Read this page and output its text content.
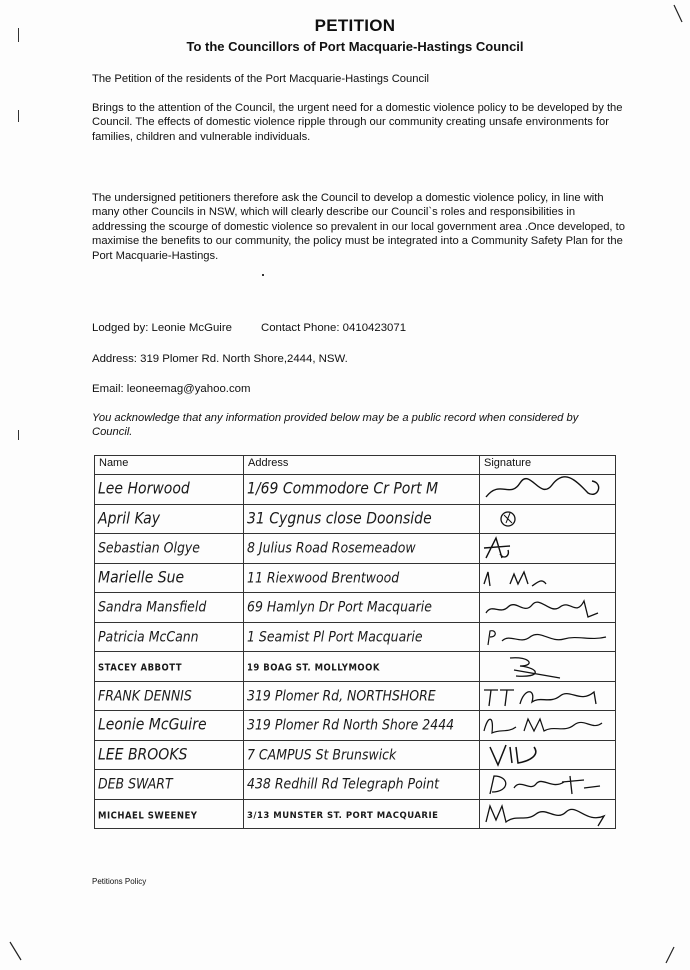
PETITION
To the Councillors of Port Macquarie-Hastings Council
The Petition of the residents of the Port Macquarie-Hastings Council
Brings to the attention of the Council, the urgent need for a domestic violence policy to be developed by the Council. The effects of domestic violence ripple through our community creating unsafe environments for families, children and vulnerable individuals.
The undersigned petitioners therefore ask the Council to develop a domestic violence policy, in line with many other Councils in NSW, which will clearly describe our Council`s roles and responsibilities in addressing the scourge of domestic violence so prevalent in our local government area .Once developed, to maximise the benefits to our community, the policy must be integrated into a Community Safety Plan for the Port Macquarie-Hastings.
Lodged by: Leonie McGuire	Contact Phone: 0410423071
Address: 319 Plomer Rd. North Shore,2444, NSW.
Email: leoneemag@yahoo.com
You acknowledge that any information provided below may be a public record when considered by Council.
Name	Address	Signature
Lee Horwood	1/69 Commodore Cr Port M	

April Kay	31 Cygnus close Doonside	

Sebastian Olgye	8 Julius Road Rosemeadow	

Marielle Sue	11 Riexwood Brentwood	

Sandra Mansfield	69 Hamlyn Dr Port Macquarie	

Patricia McCann	1 Seamist Pl Port Macquarie	

STACEY ABBOTT	19 BOAG ST. MOLLYMOOK	

FRANK DENNIS	319 Plomer Rd, NORTHSHORE	

Leonie McGuire	319 Plomer Rd North Shore 2444	

LEE BROOKS	7 CAMPUS St Brunswick	

DEB SWART	438 Redhill Rd Telegraph Point	

MICHAEL SWEENEY	3/13 MUNSTER ST. PORT MACQUARIE	
Petitions Policy
